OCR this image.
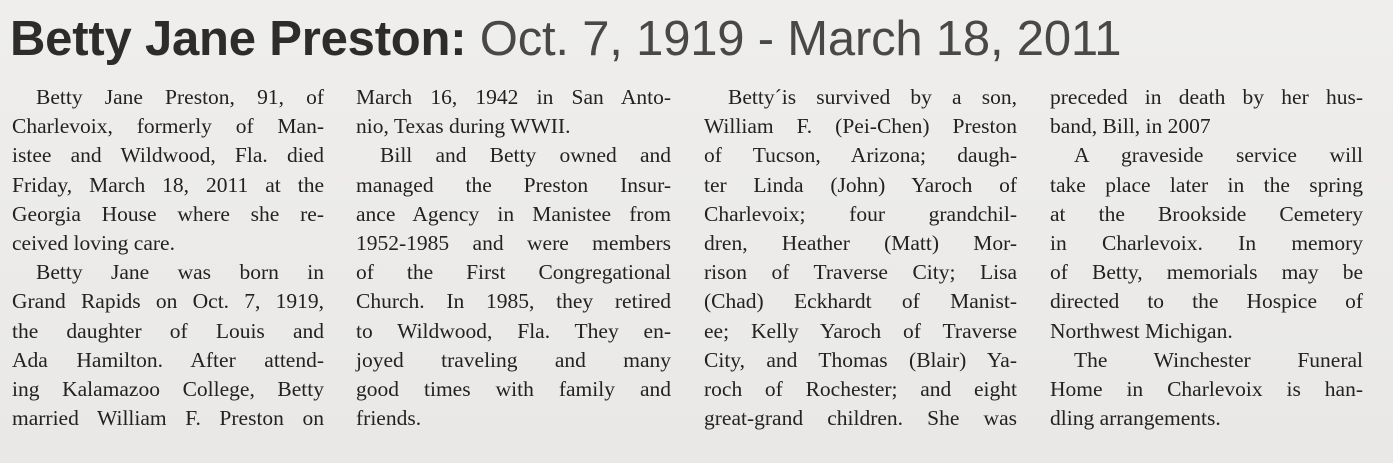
Betty Jane Preston: Oct. 7, 1919 - March 18, 2011
Betty Jane Preston, 91, of
Charlevoix, formerly of Man-
istee and Wildwood, Fla. died
Friday, March 18, 2011 at the
Georgia House where she re-
ceived loving care.
Betty Jane was born in
Grand Rapids on Oct. 7, 1919,
the daughter of Louis and
Ada Hamilton. After attend-
ing Kalamazoo College, Betty
married William F. Preston on
March 16, 1942 in San Anto-
nio, Texas during WWII.
Bill and Betty owned and
managed the Preston Insur-
ance Agency in Manistee from
1952-1985 and were members
of the First Congregational
Church. In 1985, they retired
to Wildwood, Fla. They en-
joyed traveling and many
good times with family and
friends.
Betty´is survived by a son,
William F. (Pei-Chen) Preston
of Tucson, Arizona; daugh-
ter Linda (John) Yaroch of
Charlevoix; four grandchil-
dren, Heather (Matt) Mor-
rison of Traverse City; Lisa
(Chad) Eckhardt of Manist-
ee; Kelly Yaroch of Traverse
City, and Thomas (Blair) Ya-
roch of Rochester; and eight
great-grand children. She was
preceded in death by her hus-
band, Bill, in 2007
A graveside service will
take place later in the spring
at the Brookside Cemetery
in Charlevoix. In memory
of Betty, memorials may be
directed to the Hospice of
Northwest Michigan.
The Winchester Funeral
Home in Charlevoix is han-
dling arrangements.
